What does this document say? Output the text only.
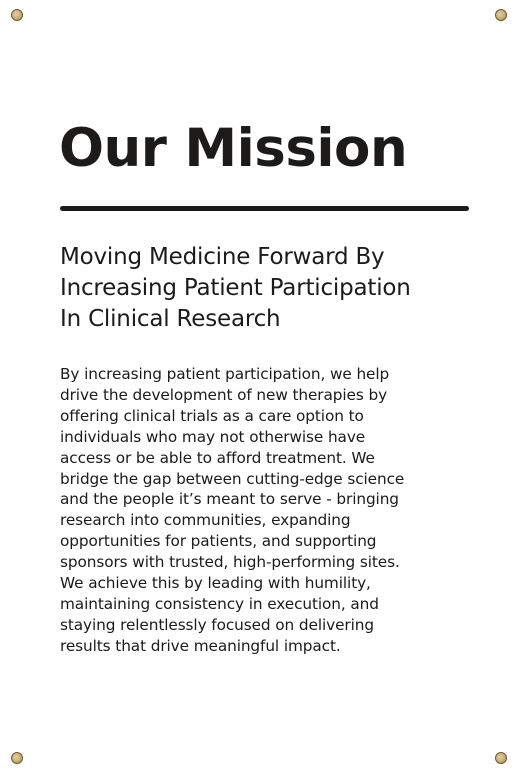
Our Mission
Moving Medicine Forward By
Increasing Patient Participation
In Clinical Research

By increasing patient participation, we help
drive the development of new therapies by
offering clinical trials as a care option to
individuals who may not otherwise have
access or be able to afford treatment. We
bridge the gap between cutting-edge science
and the people it’s meant to serve - bringing
research into communities, expanding
opportunities for patients, and supporting
sponsors with trusted, high-performing sites.
We achieve this by leading with humility,
maintaining consistency in execution, and
staying relentlessly focused on delivering
results that drive meaningful impact.
